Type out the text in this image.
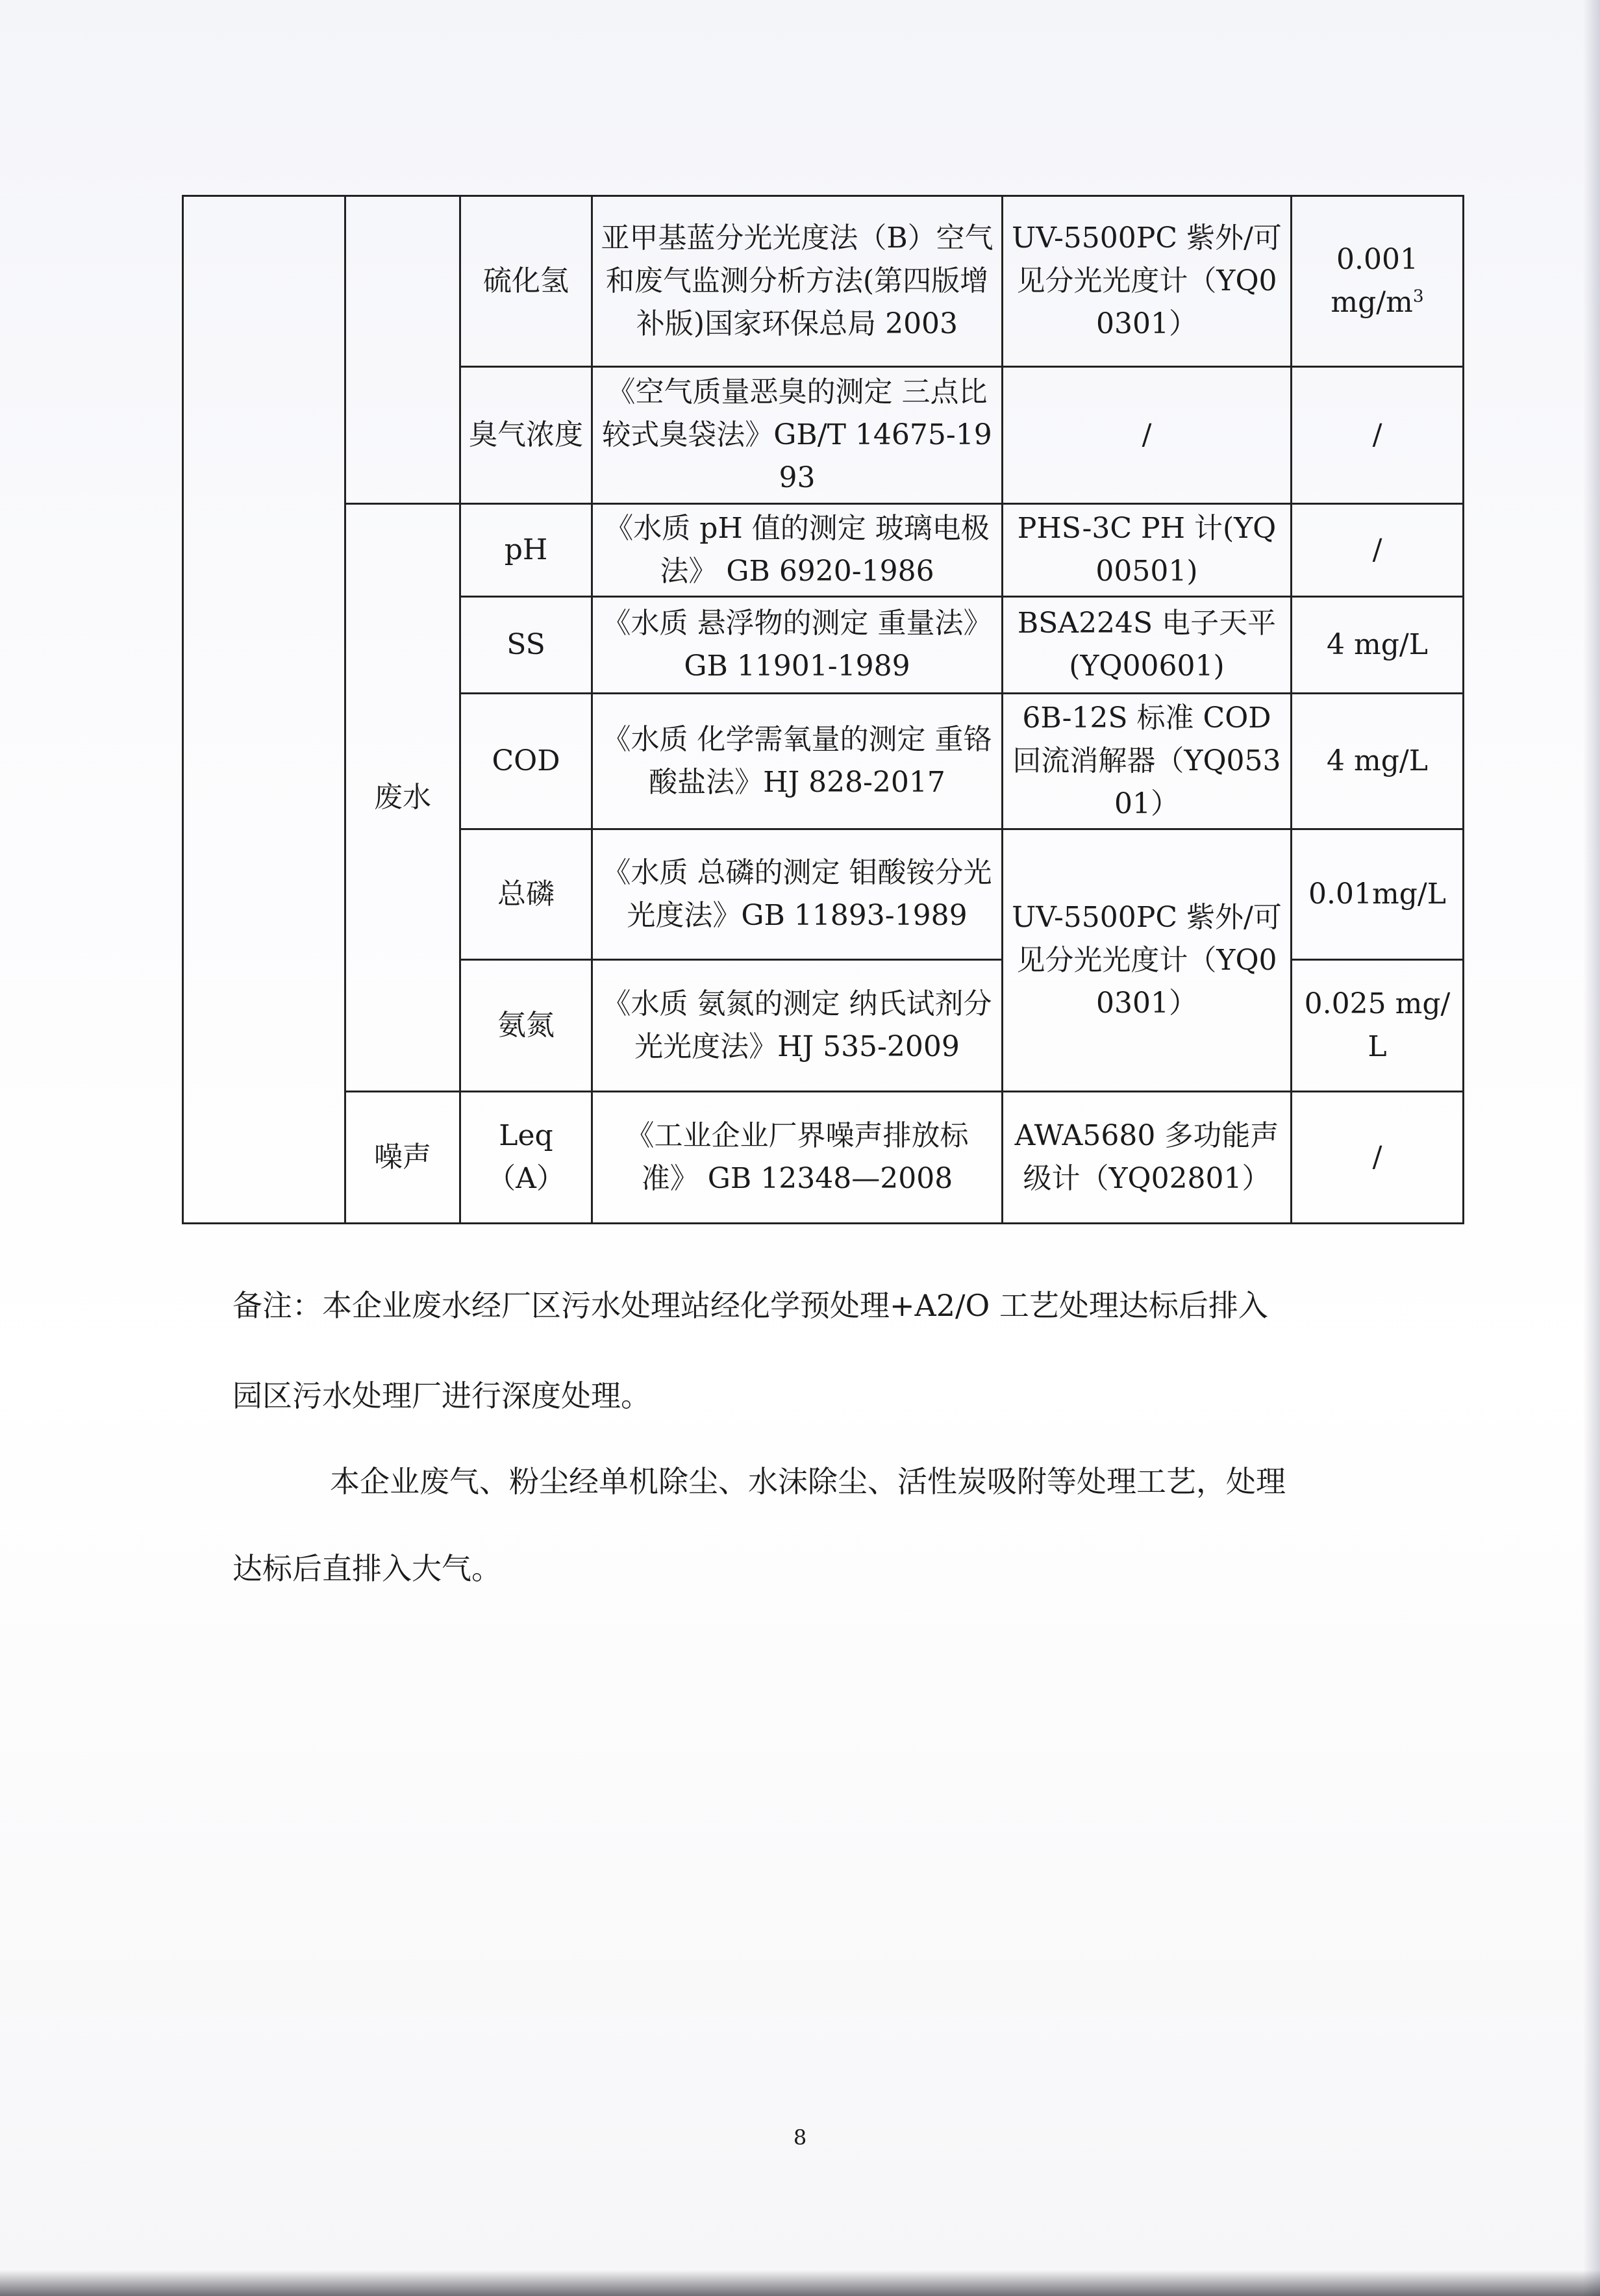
		硫化氢	亚甲基蓝分光光度法（B）空气和废气监测分析方法(第四版增补版)国家环保总局 2003	UV-5500PC 紫外/可见分光光度计（YQ00301）	0.001
$mg/m^3$
		臭气浓度	《空气质量恶臭的测定 三点比较式臭袋法》GB/T 14675-1993	/	/
	废水	pH	《水质 pH 值的测定 玻璃电极法》 GB 6920-1986	PHS-3C PH 计(YQ00501)	/
		SS	《水质 悬浮物的测定 重量法》GB 11901-1989	BSA224S 电子天平(YQ00601)	4 mg/L
		COD	《水质 化学需氧量的测定 重铬酸盐法》HJ 828-2017	6B-12S 标准 COD 回流消解器（YQ05301）	4 mg/L
		总磷	《水质 总磷的测定 钼酸铵分光光度法》GB 11893-1989	UV-5500PC 紫外/可见分光光度计（YQ00301）	0.01mg/L
		氨氮	《水质 氨氮的测定 纳氏试剂分光光度法》HJ 535-2009		0.025 mg/L
	噪声	Leq（A）	《工业企业厂界噪声排放标准》 GB 12348—2008	AWA5680 多功能声级计（YQ02801）	/
备注：本企业废水经厂区污水处理站经化学预处理+A2/O 工艺处理达标后排入
园区污水处理厂进行深度处理。
本企业废气、粉尘经单机除尘、水沫除尘、活性炭吸附等处理工艺，处理
达标后直排入大气。
8
